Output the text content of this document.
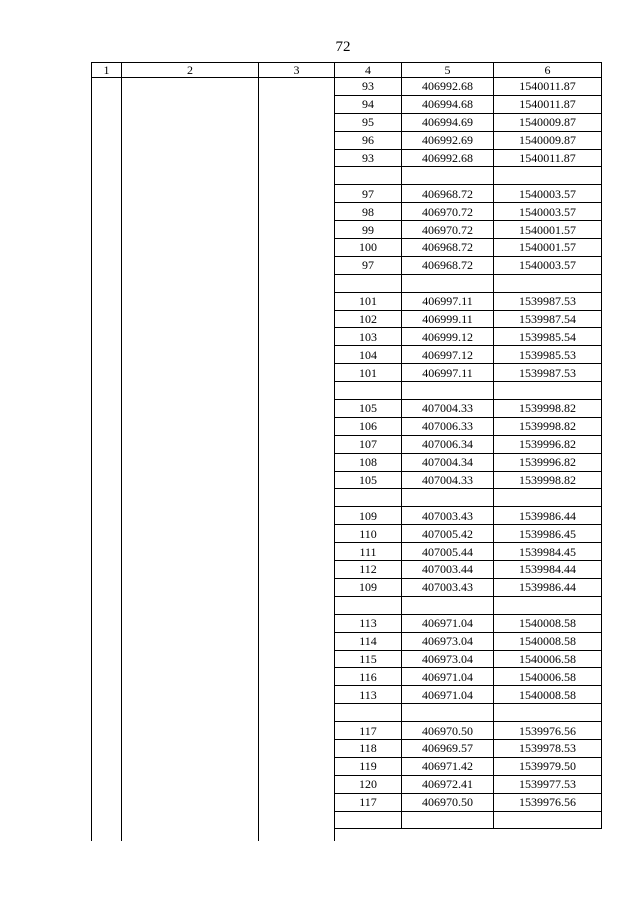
72
1	2	3	4	5	6
			93	406992.68	1540011.87
			94	406994.68	1540011.87
			95	406994.69	1540009.87
			96	406992.69	1540009.87
			93	406992.68	1540011.87

			97	406968.72	1540003.57
			98	406970.72	1540003.57
			99	406970.72	1540001.57
			100	406968.72	1540001.57
			97	406968.72	1540003.57

			101	406997.11	1539987.53
			102	406999.11	1539987.54
			103	406999.12	1539985.54
			104	406997.12	1539985.53
			101	406997.11	1539987.53

			105	407004.33	1539998.82
			106	407006.33	1539998.82
			107	407006.34	1539996.82
			108	407004.34	1539996.82
			105	407004.33	1539998.82

			109	407003.43	1539986.44
			110	407005.42	1539986.45
			111	407005.44	1539984.45
			112	407003.44	1539984.44
			109	407003.43	1539986.44

			113	406971.04	1540008.58
			114	406973.04	1540008.58
			115	406973.04	1540006.58
			116	406971.04	1540006.58
			113	406971.04	1540008.58

			117	406970.50	1539976.56
			118	406969.57	1539978.53
			119	406971.42	1539979.50
			120	406972.41	1539977.53
			117	406970.50	1539976.56
